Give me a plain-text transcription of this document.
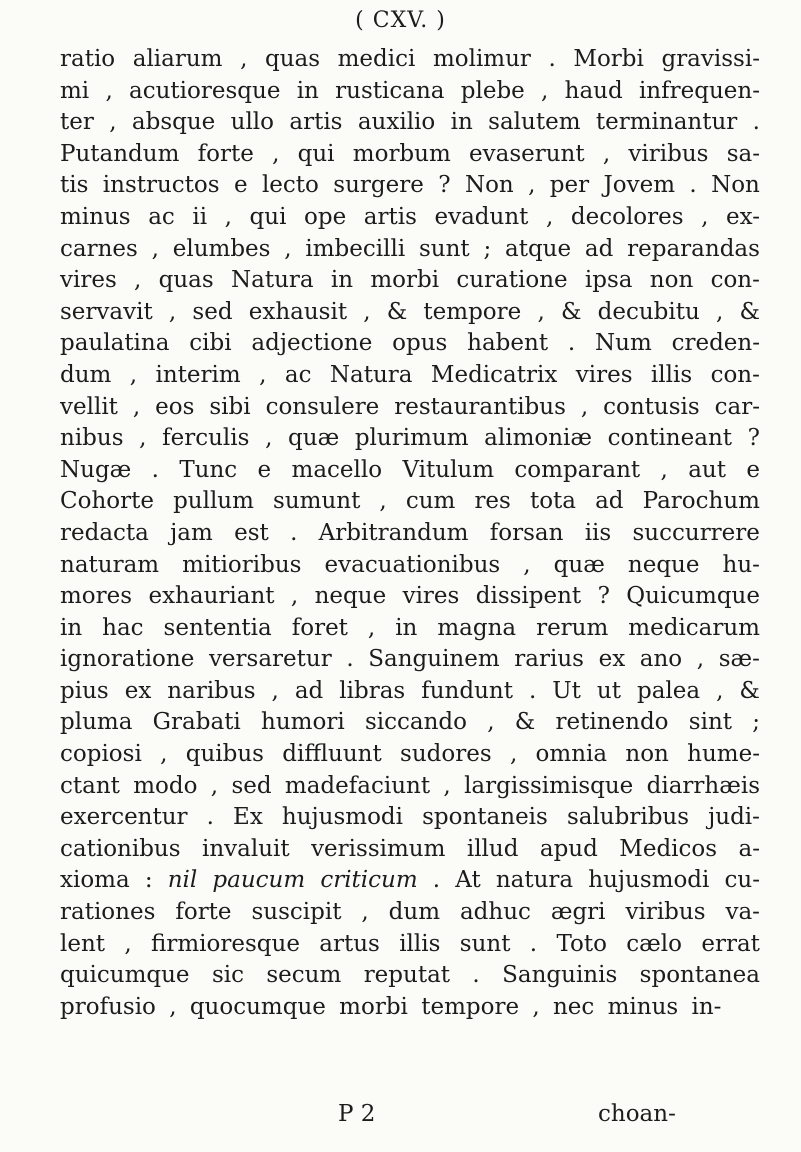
( CXV. )
ratio aliarum , quas medici molimur . Morbi gravissi-
mi , acutioresque in rusticana plebe , haud infrequen-
ter , absque ullo artis auxilio in salutem terminantur .
Putandum forte , qui morbum evaserunt , viribus sa-
tis instructos e lecto surgere ? Non , per Jovem . Non
minus ac ii , qui ope artis evadunt , decolores , ex-
carnes , elumbes , imbecilli sunt ; atque ad reparandas
vires , quas Natura in morbi curatione ipsa non con-
servavit , sed exhausit , & tempore , & decubitu , &
paulatina cibi adjectione opus habent . Num creden-
dum , interim , ac Natura Medicatrix vires illis con-
vellit , eos sibi consulere restaurantibus , contusis car-
nibus , ferculis , quæ plurimum alimoniæ contineant ?
Nugæ . Tunc e macello Vitulum comparant , aut e
Cohorte pullum sumunt , cum res tota ad Parochum
redacta jam est . Arbitrandum forsan iis succurrere
naturam mitioribus evacuationibus , quæ neque hu-
mores exhauriant , neque vires dissipent ? Quicumque
in hac sententia foret , in magna rerum medicarum
ignoratione versaretur . Sanguinem rarius ex ano , sæ-
pius ex naribus , ad libras fundunt . Ut ut palea , &
pluma Grabati humori siccando , & retinendo sint ;
copiosi , quibus diffluunt sudores , omnia non hume-
ctant modo , sed madefaciunt , largissimisque diarrhæis
exercentur . Ex hujusmodi spontaneis salubribus judi-
cationibus invaluit verissimum illud apud Medicos a-
xioma : nil paucum criticum . At natura hujusmodi cu-
rationes forte suscipit , dum adhuc ægri viribus va-
lent , firmioresque artus illis sunt . Toto cælo errat
quicumque sic secum reputat . Sanguinis spontanea
profusio , quocumque morbi tempore , nec minus in-
P 2	choan-
